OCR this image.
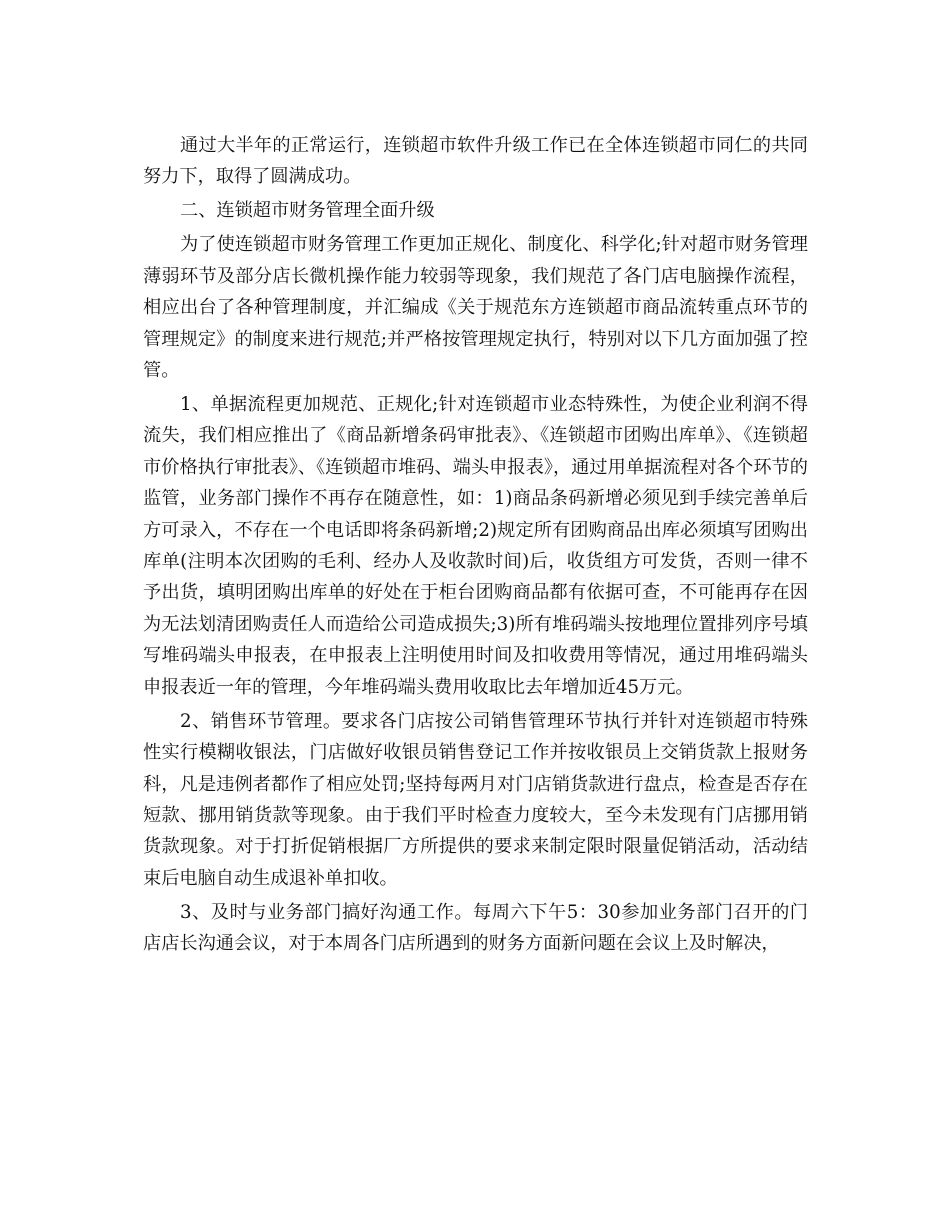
通过大半年的正常运行，连锁超市软件升级工作已在全体连锁超市同仁的共同努力下，取得了圆满成功。

二、连锁超市财务管理全面升级

为了使连锁超市财务管理工作更加正规化、制度化、科学化;针对超市财务管理薄弱环节及部分店长微机操作能力较弱等现象，我们规范了各门店电脑操作流程，相应出台了各种管理制度，并汇编成《关于规范东方连锁超市商品流转重点环节的管理规定》的制度来进行规范;并严格按管理规定执行，特别对以下几方面加强了控管。

1、单据流程更加规范、正规化;针对连锁超市业态特殊性，为使企业利润不得流失，我们相应推出了《商品新增条码审批表》、《连锁超市团购出库单》、《连锁超市价格执行审批表》、《连锁超市堆码、端头申报表》，通过用单据流程对各个环节的监管，业务部门操作不再存在随意性，如：1)商品条码新增必须见到手续完善单后方可录入，不存在一个电话即将条码新增;2)规定所有团购商品出库必须填写团购出库单(注明本次团购的毛利、经办人及收款时间)后，收货组方可发货，否则一律不予出货，填明团购出库单的好处在于柜台团购商品都有依据可查，不可能再存在因为无法划清团购责任人而造给公司造成损失;3)所有堆码端头按地理位置排列序号填写堆码端头申报表，在申报表上注明使用时间及扣收费用等情况，通过用堆码端头申报表近一年的管理，今年堆码端头费用收取比去年增加近45万元。

2、销售环节管理。要求各门店按公司销售管理环节执行并针对连锁超市特殊性实行模糊收银法，门店做好收银员销售登记工作并按收银员上交销货款上报财务科，凡是违例者都作了相应处罚;坚持每两月对门店销货款进行盘点，检查是否存在短款、挪用销货款等现象。由于我们平时检查力度较大，至今未发现有门店挪用销货款现象。对于打折促销根据厂方所提供的要求来制定限时限量促销活动，活动结束后电脑自动生成退补单扣收。

3、及时与业务部门搞好沟通工作。每周六下午5：30参加业务部门召开的门店店长沟通会议，对于本周各门店所遇到的财务方面新问题在会议上及时解决，
